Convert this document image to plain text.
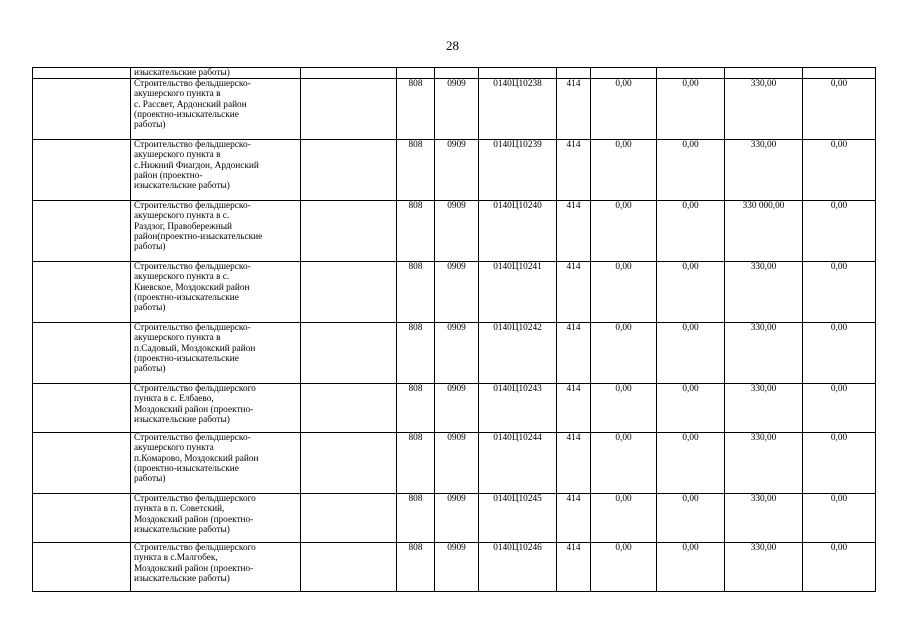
28
	изыскательские работы)									
	Строительство фельдшерско-
акушерского пункта в
с. Рассвет, Ардонский район
(проектно-изыскательские
работы)		808	0909	0140Ц10238	414	0,00	0,00	330,00	0,00
	Строительство фельдшерско-
акушерского пункта в
с.Нижний Фиагдон, Ардонский
район (проектно-
изыскательские работы)		808	0909	0140Ц10239	414	0,00	0,00	330,00	0,00
	Строительство фельдшерско-
акушерского пункта в с.
Раздзог, Правобережный
район(проектно-изыскательские
работы)		808	0909	0140Ц10240	414	0,00	0,00	330 000,00	0,00
	Строительство фельдшерско-
акушерского пункта в с.
Киевское, Моздокский район
(проектно-изыскательские
работы)		808	0909	0140Ц10241	414	0,00	0,00	330,00	0,00
	Строительство фельдшерско-
акушерского пункта в
п.Садовый, Моздокский район
(проектно-изыскательские
работы)		808	0909	0140Ц10242	414	0,00	0,00	330,00	0,00
	Строительство фельдшерского
пункта в с. Елбаево,
Моздокский район (проектно-
изыскательские работы)		808	0909	0140Ц10243	414	0,00	0,00	330,00	0,00
	Строительство фельдшерско-
акушерского пункта
п.Комарово, Моздокский район
(проектно-изыскательские
работы)		808	0909	0140Ц10244	414	0,00	0,00	330,00	0,00
	Строительство фельдшерского
пункта в п. Советский,
Моздокский район (проектно-
изыскательские работы)		808	0909	0140Ц10245	414	0,00	0,00	330,00	0,00
	Строительство фельдшерского
пункта в с.Малгобек,
Моздокский район (проектно-
изыскательские работы)		808	0909	0140Ц10246	414	0,00	0,00	330,00	0,00
